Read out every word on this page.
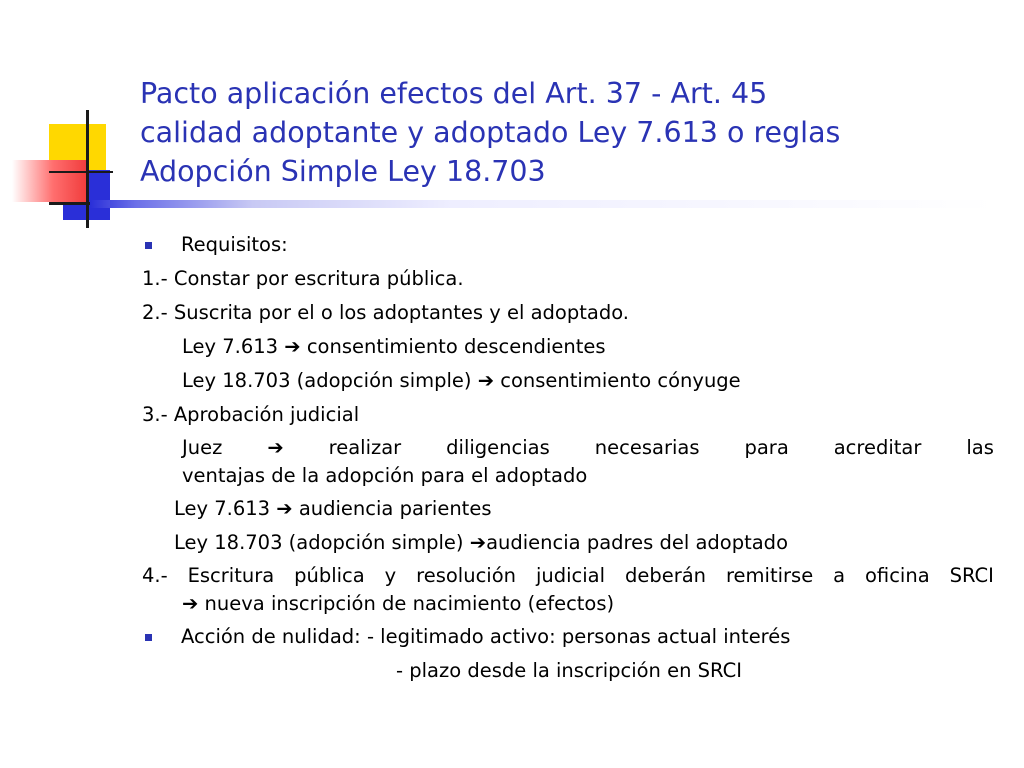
Pacto aplicación efectos del Art. 37 - Art. 45
calidad adoptante y adoptado Ley 7.613 o reglas
Adopción Simple Ley 18.703
Requisitos:
1.- Constar por escritura pública.
2.- Suscrita por el o los adoptantes y el adoptado.
Ley 7.613 ➔ consentimiento descendientes
Ley 18.703 (adopción simple) ➔ consentimiento cónyuge
3.- Aprobación judicial
Juez ➔ realizar diligencias necesarias para acreditar las
ventajas de la adopción para el adoptado
Ley 7.613 ➔ audiencia parientes
Ley 18.703 (adopción simple) ➔audiencia padres del adoptado
4.- Escritura pública y resolución judicial deberán remitirse a oficina SRCI
➔ nueva inscripción de nacimiento (efectos)
Acción de nulidad: - legitimado activo: personas actual interés
- plazo desde la inscripción en SRCI
